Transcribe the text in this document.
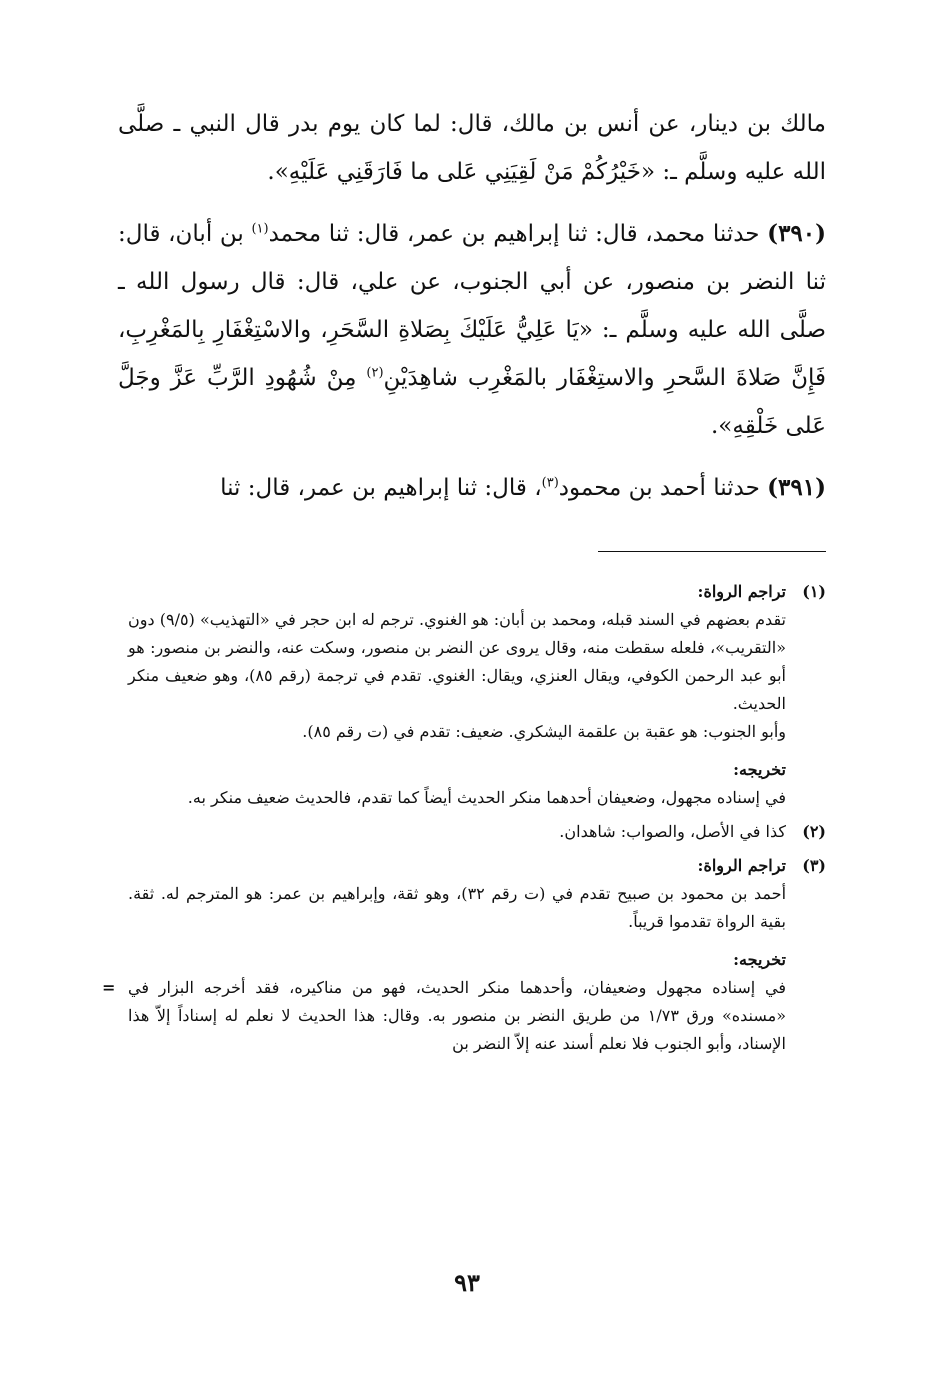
مالك بن دينار، عن أنس بن مالك، قال: لما كان يوم بدر قال النبي ـ صلَّى الله عليه وسلَّم ـ: «خَيْرُكُمْ مَنْ لَقِيَنِي عَلى ما فَارَقَنِي عَلَيْهِ».

(٣٩٠) حدثنا محمد، قال: ثنا إبراهيم بن عمر، قال: ثنا محمد$^{(١)}$ بن أبان، قال: ثنا النضر بن منصور، عن أبي الجنوب، عن علي، قال: قال رسول الله ـ صلَّى الله عليه وسلَّم ـ: «يَا عَلِيُّ عَلَيْكَ بِصَلاةِ السَّحَرِ، والاسْتِغْفَارِ بِالمَغْرِبِ، فَإِنَّ صَلاةَ السَّحرِ والاستِغْفَار بالمَغْرِب شاهِدَيْنِ$^{(٢)}$ مِنْ شُهُودِ الرَّبِّ عَزَّ وجَلَّ عَلى خَلْقِهِ».

(٣٩١) حدثنا أحمد بن محمود$^{(٣)}$، قال: ثنا إبراهيم بن عمر، قال: ثنا

(١)

تراجم الرواة:

تقدم بعضهم في السند قبله، ومحمد بن أبان: هو الغنوي. ترجم له ابن حجر في «التهذيب» (٩/٥) دون «التقريب»، فلعله سقطت منه، وقال يروى عن النضر بن منصور، وسكت عنه، والنضر بن منصور: هو أبو عبد الرحمن الكوفي، ويقال العنزي، ويقال: الغنوي. تقدم في ترجمة (رقم ٨٥)، وهو ضعيف منكر الحديث.

وأبو الجنوب: هو عقبة بن علقمة اليشكري. ضعيف: تقدم في (ت رقم ٨٥).

تخريجه:

في إسناده مجهول، وضعيفان أحدهما منكر الحديث أيضاً كما تقدم، فالحديث ضعيف منكر به.

(٢)

كذا في الأصل، والصواب: شاهدان.

(٣)

تراجم الرواة:

أحمد بن محمود بن صبيح تقدم في (ت رقم ٣٢)، وهو ثقة، وإبراهيم بن عمر: هو المترجم له. ثقة. بقية الرواة تقدموا قريباً.

تخريجه:

في إسناده مجهول وضعيفان، وأحدهما منكر الحديث، فهو من مناكيره، فقد أخرجه البزار في «مسنده» ورق ١/٧٣ من طريق النضر بن منصور به. وقال: هذا الحديث لا نعلم له إسناداً إلاّ هذا الإسناد، وأبو الجنوب فلا نعلم أسند عنه إلاّ النضر بن
=

٩٣
